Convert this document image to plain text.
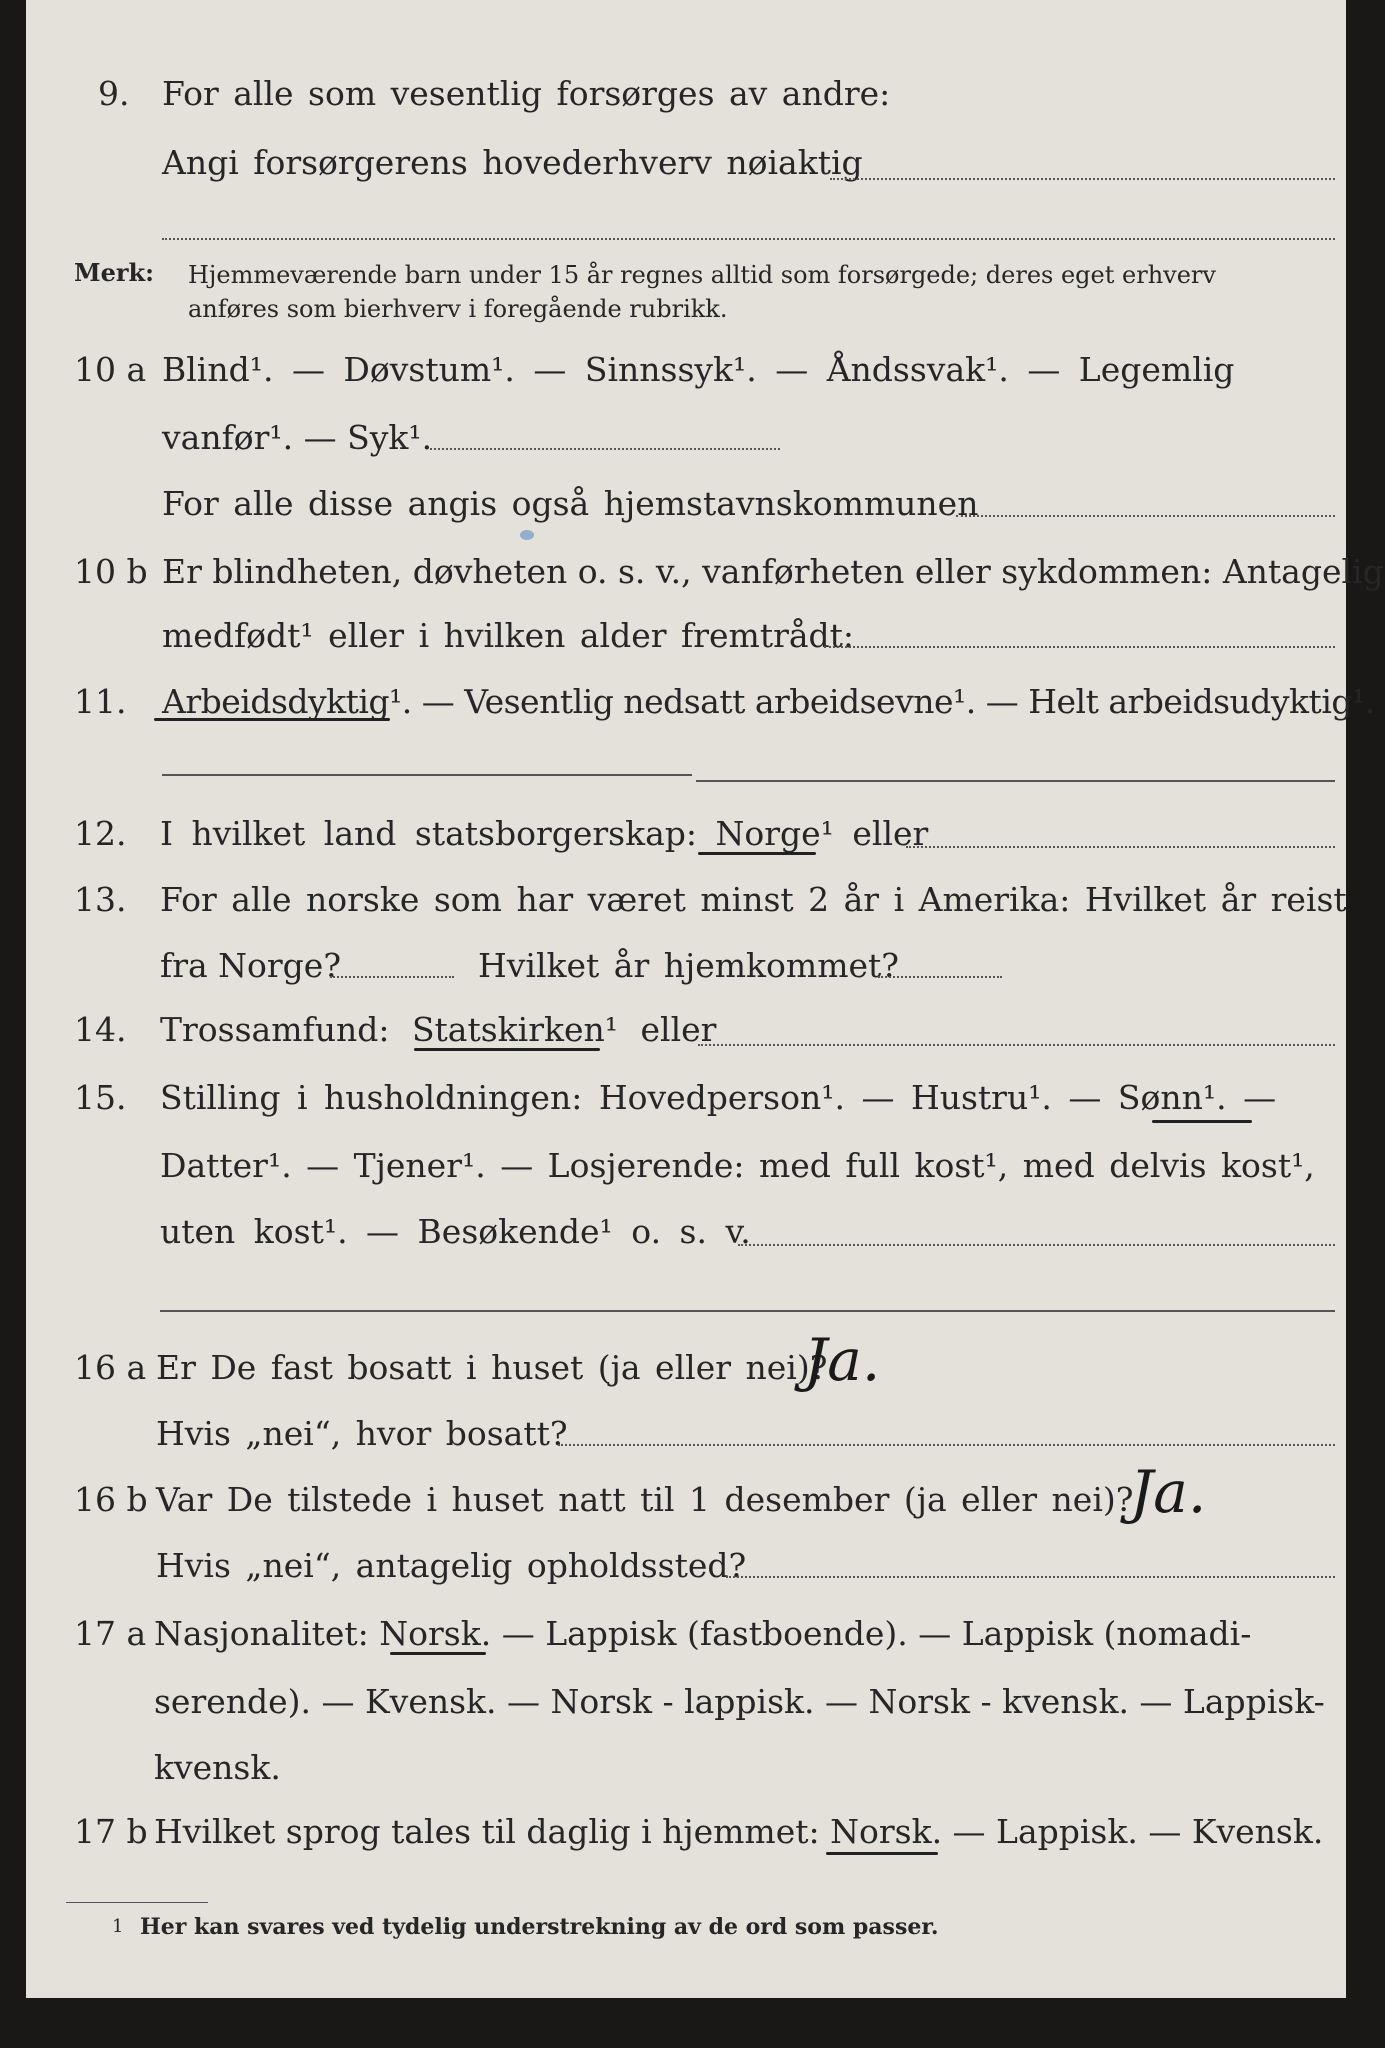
9. For alle som vesentlig forsørges av andre:
Angi forsørgerens hovederhverv nøiaktig
Merk: Hjemmeværende barn under 15 år regnes alltid som forsørgede; deres eget erhverv
anføres som bierhverv i foregående rubrikk.
10 a Blind¹. — Døvstum¹. — Sinnssyk¹. — Åndssvak¹. — Legemlig
vanfør¹. — Syk¹.
For alle disse angis også hjemstavnskommunen
10 b Er blindheten, døvheten o. s. v., vanførheten eller sykdommen: Antagelig
medfødt¹ eller i hvilken alder fremtrådt:
11. Arbeidsdyktig¹. — Vesentlig nedsatt arbeidsevne¹. — Helt arbeidsudyktig¹.
12. I hvilket land statsborgerskap: Norge¹ eller
13. For alle norske som har været minst 2 år i Amerika: Hvilket år reist
fra Norge?	Hvilket år hjemkommet?
14. Trossamfund: Statskirken¹ eller
15. Stilling i husholdningen: Hovedperson¹. — Hustru¹. — Sønn¹. —
Datter¹. — Tjener¹. — Losjerende: med full kost¹, med delvis kost¹,
uten kost¹. — Besøkende¹ o. s. v.
16 a Er De fast bosatt i huset (ja eller nei)?
Ja.
Hvis „nei“, hvor bosatt?
16 b Var De tilstede i huset natt til 1 desember (ja eller nei)?
Ja.
Hvis „nei“, antagelig opholdssted?
17 a Nasjonalitet: Norsk. — Lappisk (fastboende). — Lappisk (nomadi-
serende). — Kvensk. — Norsk - lappisk. — Norsk - kvensk. — Lappisk-
kvensk.
17 b Hvilket sprog tales til daglig i hjemmet: Norsk. — Lappisk. — Kvensk.
1 Her kan svares ved tydelig understrekning av de ord som passer.
